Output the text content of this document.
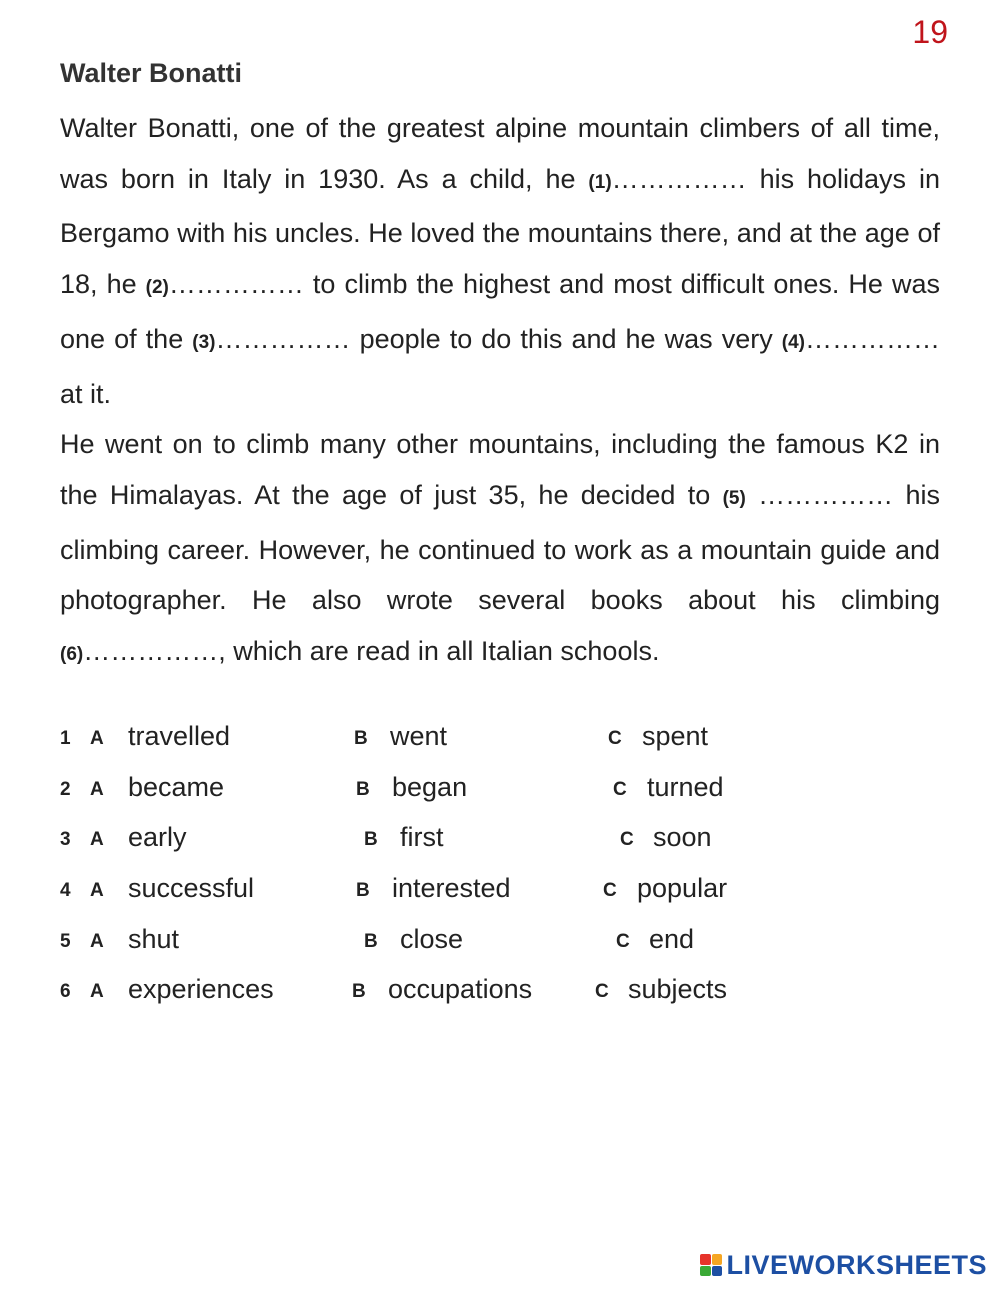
19
Walter Bonatti

Walter Bonatti, one of the greatest alpine mountain climbers of all time, was born in Italy in 1930. As a child, he (1)…………… his holidays in Bergamo with his uncles. He loved the mountains there, and at the age of 18, he (2)…………… to climb the highest and most difficult ones. He was one of the (3)…………… people to do this and he was very (4)…………… at it.

He went on to climb many other mountains, including the famous K2 in the Himalayas. At the age of just 35, he decided to (5) …………… his climbing career. However, he continued to work as a mountain guide and photographer. He also wrote several books about his climbing (6)……………, which are read in all Italian schools.

1 A travelled	B went	C spent
2 A became	B began	C turned
3 A early	B first	C soon
4 A successful	B interested	C popular
5 A shut	B close	C end
6 A experiences	B occupations	C subjects
LIVEWORKSHEETS
